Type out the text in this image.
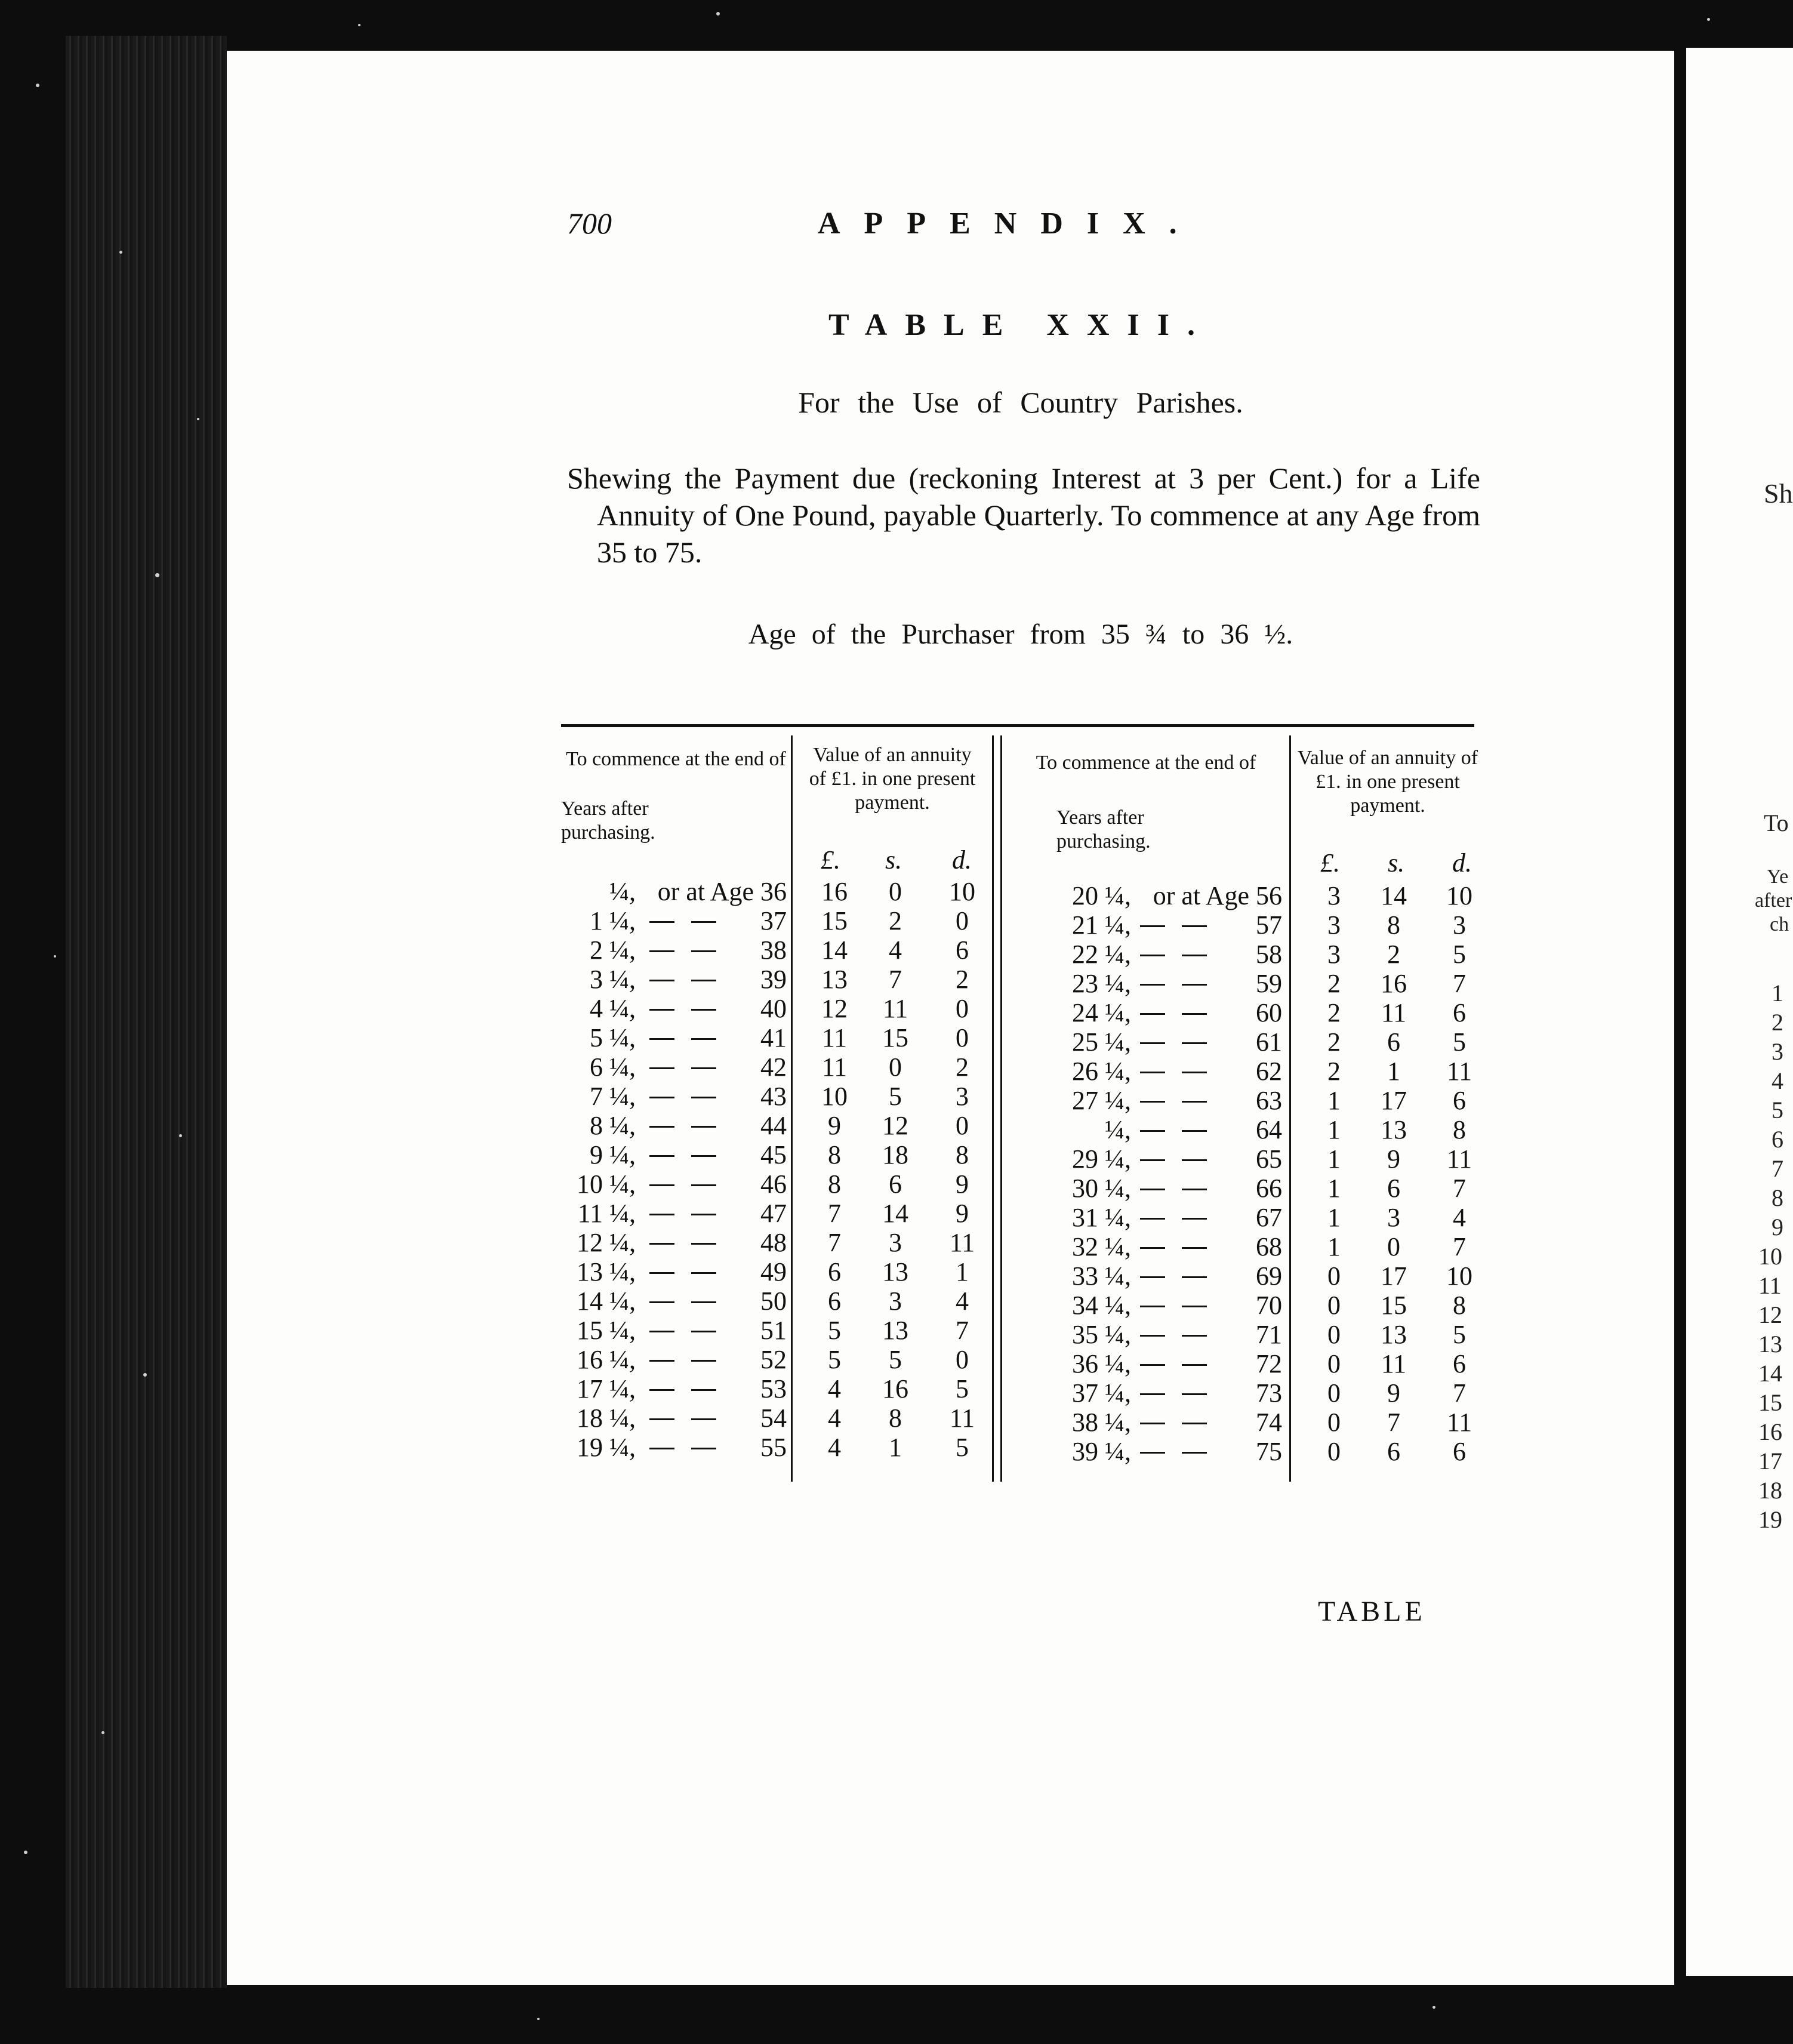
Sh
To
Ye
after
ch
1
2
3
4
5
6
7
8
9
10
11
12
13
14
15
16
17
18
19
700	APPENDIX.
TABLE XXII.
For the Use of Country Parishes.
Shewing the Payment due (reckoning Interest at 3 per Cent.) for a Life Annuity of One Pound, payable Quarterly. To commence at any Age from 35 to 75.
Age of the Purchaser from 35 ¾ to 36 ½.
To commence at the end of
Years after purchasing.
Value of an annuity of £1. in one present payment.
£. s. d.
To commence at the end of
Years after purchasing.
Value of an annuity of £1. in one present payment.
£. s. d.
¼, or at Age 36	16	0	10
1 ¼,	37	15	2	0
2 ¼,	38	14	4	6
3 ¼,	39	13	7	2
4 ¼,	40	12	11	0
5 ¼,	41	11	15	0
6 ¼,	42	11	0	2
7 ¼,	43	10	5	3
8 ¼,	44	9	12	0
9 ¼,	45	8	18	8
10 ¼,	46	8	6	9
11 ¼,	47	7	14	9
12 ¼,	48	7	3	11
13 ¼,	49	6	13	1
14 ¼,	50	6	3	4
15 ¼,	51	5	13	7
16 ¼,	52	5	5	0
17 ¼,	53	4	16	5
18 ¼,	54	4	8	11
19 ¼,	55	4	1	5
20 ¼, or at Age 56	3	14	10
21 ¼,	57	3	8	3
22 ¼,	58	3	2	5
23 ¼,	59	2	16	7
24 ¼,	60	2	11	6
25 ¼,	61	2	6	5
26 ¼,	62	2	1	11
27 ¼,	63	1	17	6
¼,	64	1	13	8
29 ¼,	65	1	9	11
30 ¼,	66	1	6	7
31 ¼,	67	1	3	4
32 ¼,	68	1	0	7
33 ¼,	69	0	17	10
34 ¼,	70	0	15	8
35 ¼,	71	0	13	5
36 ¼,	72	0	11	6
37 ¼,	73	0	9	7
38 ¼,	74	0	7	11
39 ¼,	75	0	6	6
TABLE
